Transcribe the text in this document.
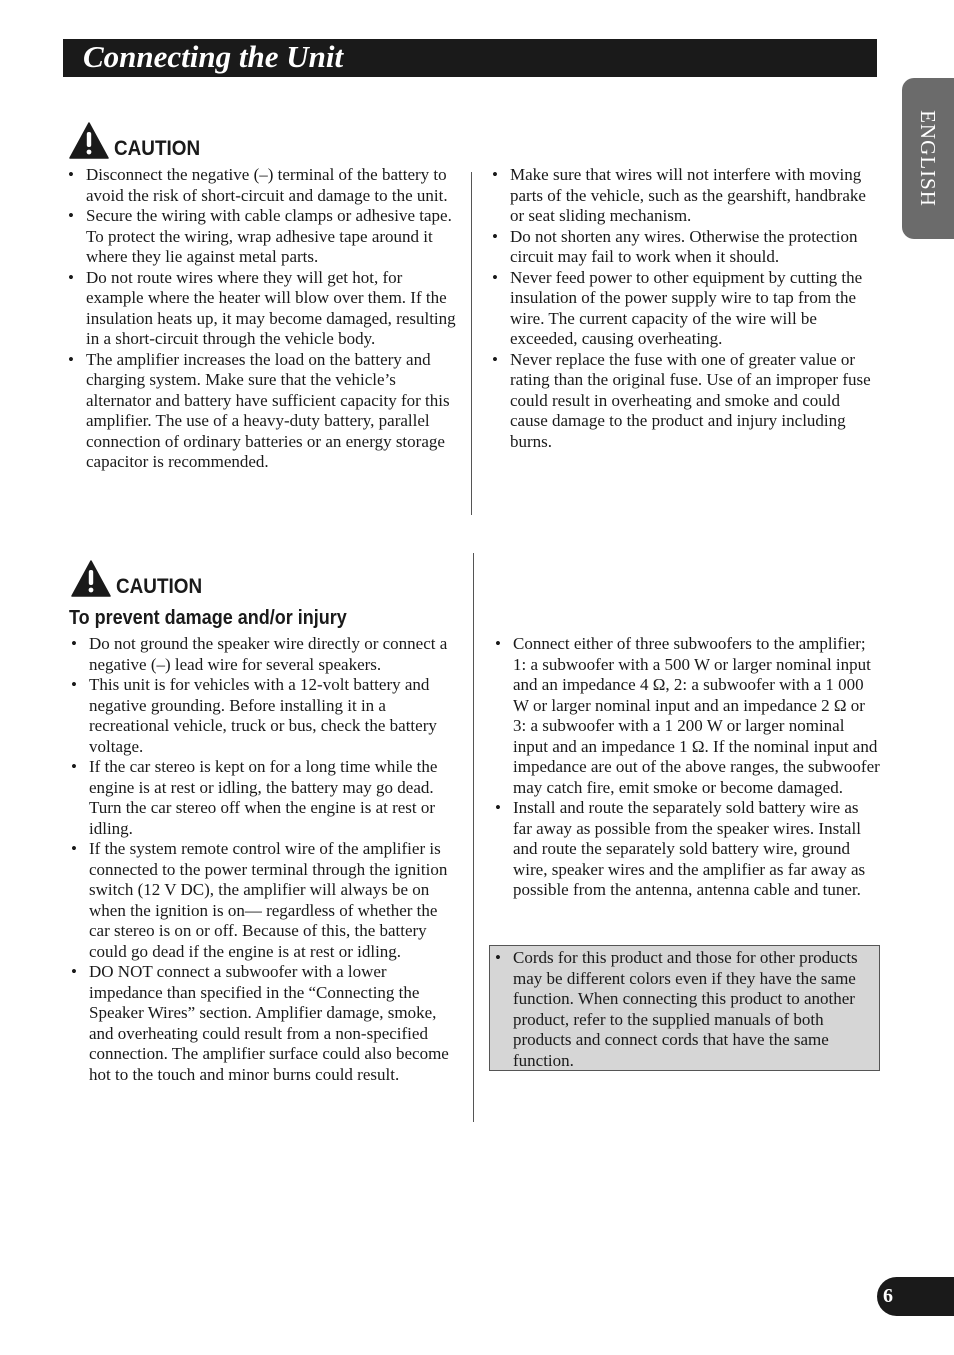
Connecting the Unit
ENGLISH
CAUTION
• Disconnect the negative (–) terminal of the battery to avoid the risk of short-circuit and damage to the unit.
• Secure the wiring with cable clamps or adhesive tape. To protect the wiring, wrap adhesive tape around it where they lie against metal parts.
• Do not route wires where they will get hot, for example where the heater will blow over them. If the insulation heats up, it may become damaged, resulting in a short-circuit through the vehicle body.
• The amplifier increases the load on the battery and charging system. Make sure that the vehicle’s alternator and battery have sufficient capacity for this amplifier. The use of a heavy-duty battery, parallel connection of ordinary batteries or an energy storage capacitor is recommended.
• Make sure that wires will not interfere with moving parts of the vehicle, such as the gearshift, handbrake or seat sliding mechanism.
• Do not shorten any wires. Otherwise the protection circuit may fail to work when it should.
• Never feed power to other equipment by cutting the insulation of the power supply wire to tap from the wire. The current capacity of the wire will be exceeded, causing overheating.
• Never replace the fuse with one of greater value or rating than the original fuse. Use of an improper fuse could result in overheating and smoke and could cause damage to the product and injury including burns.
CAUTION
To prevent damage and/or injury
• Do not ground the speaker wire directly or connect a negative (–) lead wire for several speakers.
• This unit is for vehicles with a 12-volt battery and negative grounding. Before installing it in a recreational vehicle, truck or bus, check the battery voltage.
• If the car stereo is kept on for a long time while the engine is at rest or idling, the battery may go dead. Turn the car stereo off when the engine is at rest or idling.
• If the system remote control wire of the amplifier is connected to the power terminal through the ignition switch (12 V DC), the amplifier will always be on when the ignition is on— regardless of whether the car stereo is on or off. Because of this, the battery could go dead if the engine is at rest or idling.
• DO NOT connect a subwoofer with a lower impedance than specified in the “Connecting the Speaker Wires” section. Amplifier damage, smoke, and overheating could result from a non-specified connection. The amplifier surface could also become hot to the touch and minor burns could result.
• Connect either of three subwoofers to the amplifier; 1: a subwoofer with a 500 W or larger nominal input and an impedance 4 Ω, 2: a subwoofer with a 1 000 W or larger nominal input and an impedance 2 Ω or 3: a subwoofer with a 1 200 W or larger nominal input and an impedance 1 Ω. If the nominal input and impedance are out of the above ranges, the subwoofer may catch fire, emit smoke or become damaged.
• Install and route the separately sold battery wire as far away as possible from the speaker wires. Install and route the separately sold battery wire, ground wire, speaker wires and the amplifier as far away as possible from the antenna, antenna cable and tuner.
• Cords for this product and those for other products may be different colors even if they have the same function. When connecting this product to another product, refer to the supplied manuals of both products and connect cords that have the same function.
6
